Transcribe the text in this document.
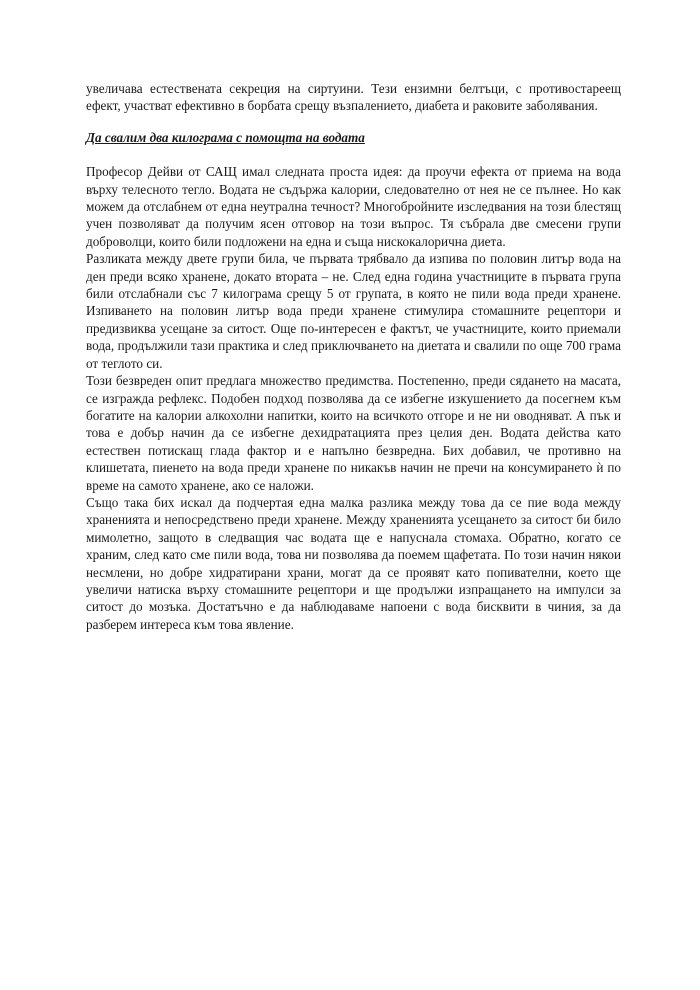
увеличава естествената секреция на сиртуини. Тези ензимни белтъци, с противостареещ ефект, участват ефективно в борбата срещу възпалението, диабета и раковите заболявания.

Да свалим два килограма с помощта на водата

Професор Дейви от САЩ имал следната проста идея: да проучи ефекта от приема на вода върху телесното тегло. Водата не съдържа калории, следователно от нея не се пълнее. Но как можем да отслабнем от една неутрална течност? Многобройните изследвания на този блестящ учен позволяват да получим ясен отговор на този въпрос. Тя събрала две смесени групи доброволци, които били подложени на една и съща нискокалорична диета.

Разликата между двете групи била, че първата трябвало да изпива по половин литър вода на ден преди всяко хранене, докато втората – не. След една година участниците в първата група били отслабнали със 7 килограма срещу 5 от групата, в която не пили вода преди хранене. Изпиването на половин литър вода преди хранене стимулира стомашните рецептори и предизвиква усещане за ситост. Още по-интересен е фактът, че участниците, които приемали вода, продължили тази практика и след приключването на диетата и свалили по още 700 грама от теглото си.

Този безвреден опит предлага множество предимства. Постепенно, преди сядането на масата, се изгражда рефлекс. Подобен подход позволява да се избегне изкушението да посегнем към богатите на калории алкохолни напитки, които на всичкото отгоре и не ни оводняват. А пък и това е добър начин да се избегне дехидратацията през целия ден. Водата действа като естествен потискащ глада фактор и е напълно безвредна. Бих добавил, че противно на клишетата, пиенето на вода преди хранене по никакъв начин не пречи на консумирането ѝ по време на самото хранене, ако се наложи.

Също така бих искал да подчертая една малка разлика между това да се пие вода между храненията и непосредствено преди хранене. Между храненията усещането за ситост би било мимолетно, защото в следващия час водата ще е напуснала стомаха. Обратно, когато се храним, след като сме пили вода, това ни позволява да поемем щафетата. По този начин някои несмлени, но добре хидратирани храни, могат да се проявят като попивателни, което ще увеличи натиска върху стомашните рецептори и ще продължи изпращането на импулси за ситост до мозъка. Достатъчно е да наблюдаваме напоени с вода бисквити в чиния, за да разберем интереса към това явление.
